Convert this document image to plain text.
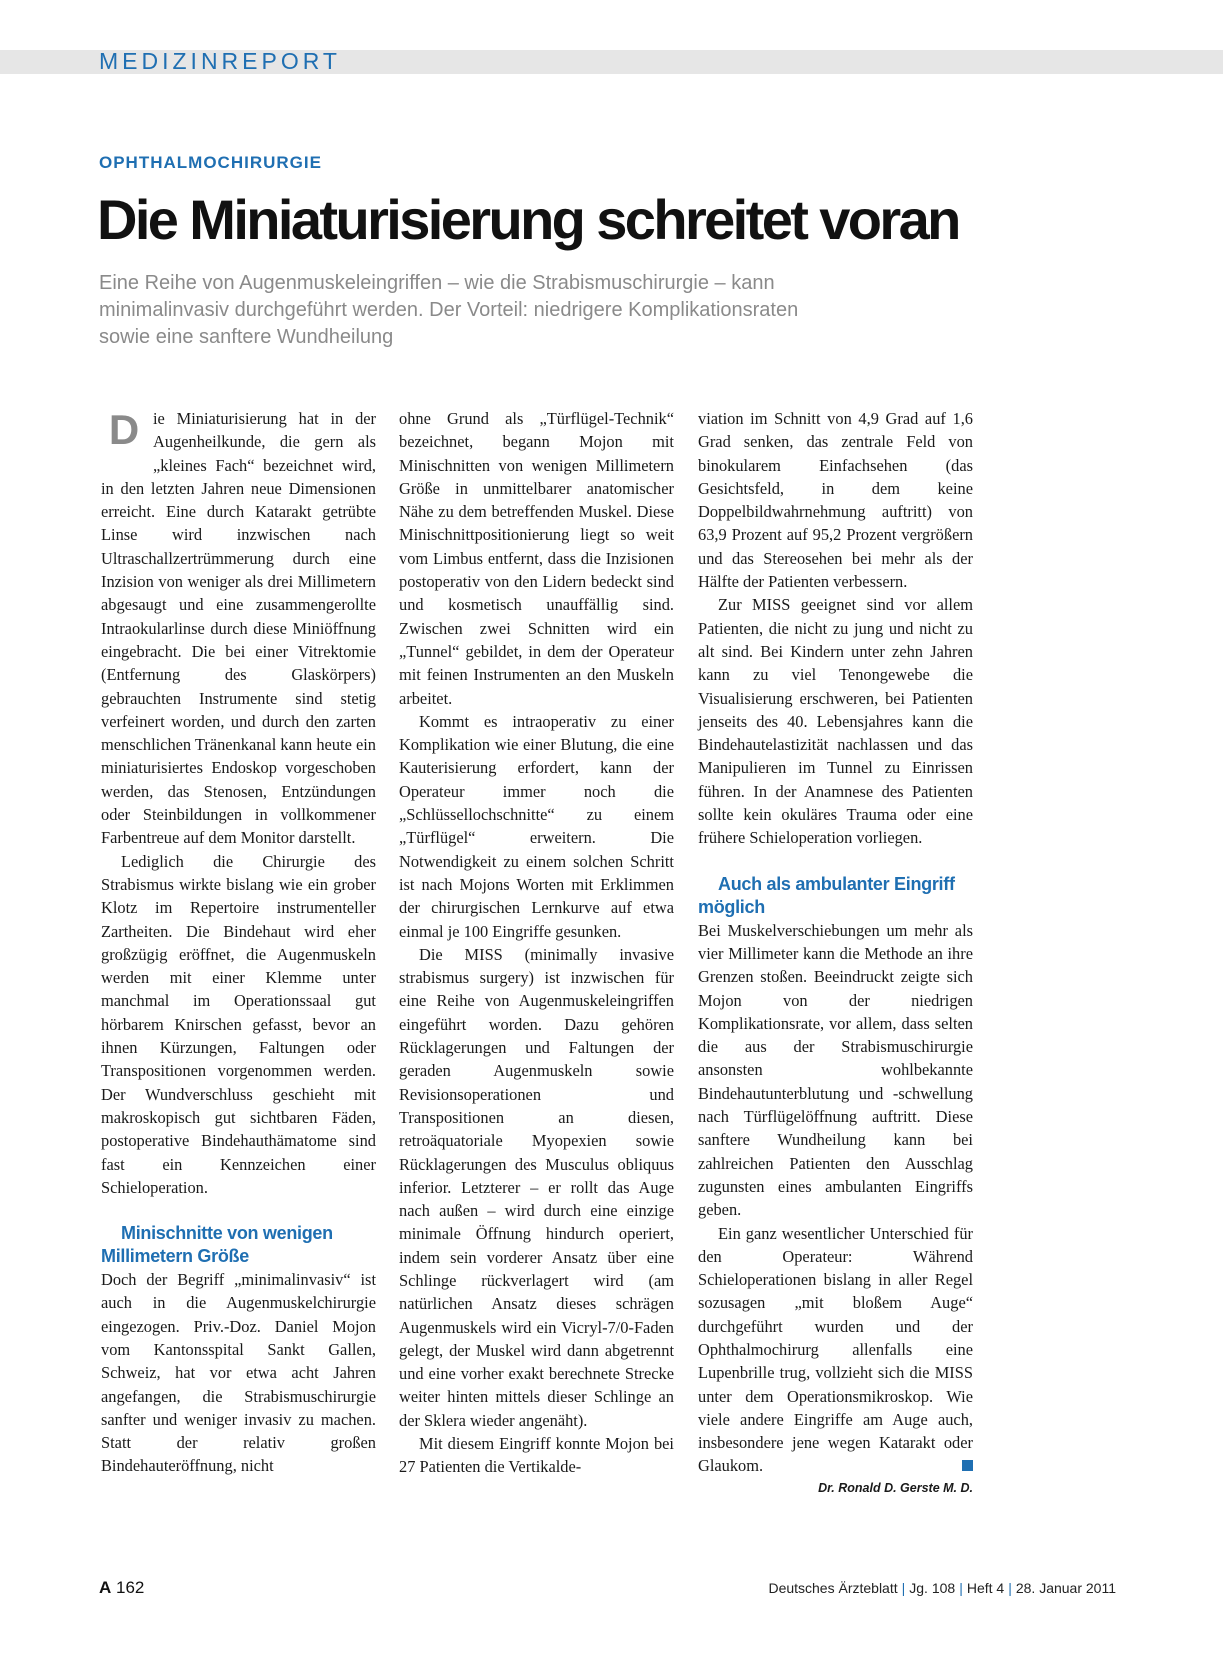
MEDIZINREPORT
OPHTHALMOCHIRURGIE
Die Miniaturisierung schreitet voran
Eine Reihe von Augenmuskeleingriffen – wie die Strabismuschirurgie – kann
minimalinvasiv durchgeführt werden. Der Vorteil: niedrigere Komplikationsraten
sowie eine sanftere Wundheilung

Die Miniaturisierung hat in der Augenheilkunde, die gern als „kleines Fach“ bezeichnet wird, in den letzten Jahren neue Dimensionen erreicht. Eine durch Katarakt getrübte Linse wird inzwischen nach Ultraschallzertrümmerung durch eine Inzision von weniger als drei Millimetern abgesaugt und eine zusammengerollte Intraokularlinse durch diese Miniöffnung eingebracht. Die bei einer Vitrektomie (Entfernung des Glaskörpers) gebrauchten Instrumente sind stetig verfeinert worden, und durch den zarten menschlichen Tränenkanal kann heute ein miniaturisiertes Endoskop vorgeschoben werden, das Stenosen, Entzündungen oder Steinbildungen in vollkommener Farbentreue auf dem Monitor darstellt.

Lediglich die Chirurgie des Strabismus wirkte bislang wie ein grober Klotz im Repertoire instrumenteller Zartheiten. Die Bindehaut wird eher großzügig eröffnet, die Augenmuskeln werden mit einer Klemme unter manchmal im Operationssaal gut hörbarem Knirschen gefasst, bevor an ihnen Kürzungen, Faltungen oder Transpositionen vorgenommen werden. Der Wundverschluss geschieht mit makroskopisch gut sichtbaren Fäden, postoperative Bindehauthämatome sind fast ein Kennzeichen einer Schieloperation.

Minischnitte von wenigen Millimetern Größe

Doch der Begriff „minimalinvasiv“ ist auch in die Augenmuskelchirurgie eingezogen. Priv.-Doz. Daniel Mojon vom Kantonsspital Sankt Gallen, Schweiz, hat vor etwa acht Jahren angefangen, die Strabismuschirurgie sanfter und weniger invasiv zu machen. Statt der relativ großen Bindehauteröffnung, nicht

ohne Grund als „Türflügel-Technik“ bezeichnet, begann Mojon mit Minischnitten von wenigen Millimetern Größe in unmittelbarer anatomischer Nähe zu dem betreffenden Muskel. Diese Minischnittpositionierung liegt so weit vom Limbus entfernt, dass die Inzisionen postoperativ von den Lidern bedeckt sind und kosmetisch unauffällig sind. Zwischen zwei Schnitten wird ein „Tunnel“ gebildet, in dem der Operateur mit feinen Instrumenten an den Muskeln arbeitet.

Kommt es intraoperativ zu einer Komplikation wie einer Blutung, die eine Kauterisierung erfordert, kann der Operateur immer noch die „Schlüssellochschnitte“ zu einem „Türflügel“ erweitern. Die Notwendigkeit zu einem solchen Schritt ist nach Mojons Worten mit Erklimmen der chirurgischen Lernkurve auf etwa einmal je 100 Eingriffe gesunken.

Die MISS (minimally invasive strabismus surgery) ist inzwischen für eine Reihe von Augenmuskeleingriffen eingeführt worden. Dazu gehören Rücklagerungen und Faltungen der geraden Augenmuskeln sowie Revisionsoperationen und Transpositionen an diesen, retroäquatoriale Myopexien sowie Rücklagerungen des Musculus obliquus inferior. Letzterer – er rollt das Auge nach außen – wird durch eine einzige minimale Öffnung hindurch operiert, indem sein vorderer Ansatz über eine Schlinge rückverlagert wird (am natürlichen Ansatz dieses schrägen Augenmuskels wird ein Vicryl-7/0-Faden gelegt, der Muskel wird dann abgetrennt und eine vorher exakt berechnete Strecke weiter hinten mittels dieser Schlinge an der Sklera wieder angenäht).

Mit diesem Eingriff konnte Mojon bei 27 Patienten die Vertikalde-

viation im Schnitt von 4,9 Grad auf 1,6 Grad senken, das zentrale Feld von binokularem Einfachsehen (das Gesichtsfeld, in dem keine Doppelbildwahrnehmung auftritt) von 63,9 Prozent auf 95,2 Prozent vergrößern und das Stereosehen bei mehr als der Hälfte der Patienten verbessern.

Zur MISS geeignet sind vor allem Patienten, die nicht zu jung und nicht zu alt sind. Bei Kindern unter zehn Jahren kann zu viel Tenongewebe die Visualisierung erschweren, bei Patienten jenseits des 40. Lebensjahres kann die Bindehautelastizität nachlassen und das Manipulieren im Tunnel zu Einrissen führen. In der Anamnese des Patienten sollte kein okuläres Trauma oder eine frühere Schieloperation vorliegen.

Auch als ambulanter Eingriff möglich

Bei Muskelverschiebungen um mehr als vier Millimeter kann die Methode an ihre Grenzen stoßen. Beeindruckt zeigte sich Mojon von der niedrigen Komplikationsrate, vor allem, dass selten die aus der Strabismuschirurgie ansonsten wohlbekannte Bindehautunterblutung und -schwellung nach Türflügelöffnung auftritt. Diese sanftere Wundheilung kann bei zahlreichen Patienten den Ausschlag zugunsten eines ambulanten Eingriffs geben.

Ein ganz wesentlicher Unterschied für den Operateur: Während Schieloperationen bislang in aller Regel sozusagen „mit bloßem Auge“ durchgeführt wurden und der Ophthalmochirurg allenfalls eine Lupenbrille trug, vollzieht sich die MISS unter dem Operationsmikroskop. Wie viele andere Eingriffe am Auge auch, insbesondere jene wegen Katarakt oder Glaukom.

Dr. Ronald D. Gerste M. D.

A 162	Deutsches Ärzteblatt | Jg. 108 | Heft 4 | 28. Januar 2011
